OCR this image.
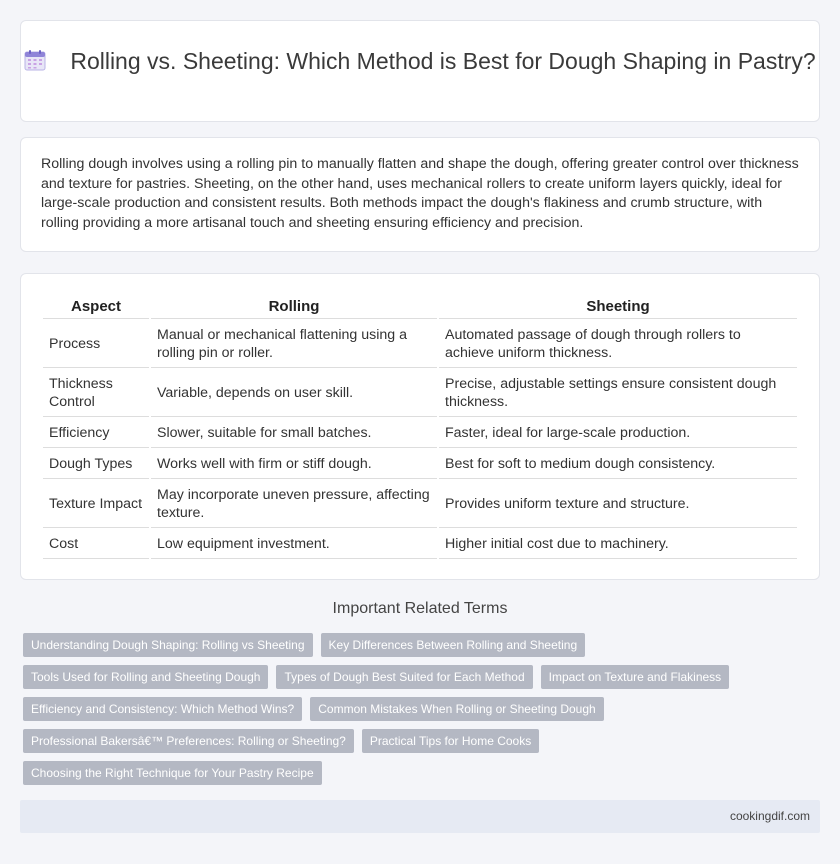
Rolling vs. Sheeting: Which Method is Best for Dough Shaping in Pastry?

Rolling dough involves using a rolling pin to manually flatten and shape the dough, offering greater control over thickness and texture for pastries. Sheeting, on the other hand, uses mechanical rollers to create uniform layers quickly, ideal for large-scale production and consistent results. Both methods impact the dough's flakiness and crumb structure, with rolling providing a more artisanal touch and sheeting ensuring efficiency and precision.

Aspect	Rolling	Sheeting
Process	Manual or mechanical flattening using a rolling pin or roller.	Automated passage of dough through rollers to achieve uniform thickness.
Thickness Control	Variable, depends on user skill.	Precise, adjustable settings ensure consistent dough thickness.
Efficiency	Slower, suitable for small batches.	Faster, ideal for large-scale production.
Dough Types	Works well with firm or stiff dough.	Best for soft to medium dough consistency.
Texture Impact	May incorporate uneven pressure, affecting texture.	Provides uniform texture and structure.
Cost	Low equipment investment.	Higher initial cost due to machinery.
Important Related Terms
Understanding Dough Shaping: Rolling vs Sheeting	Key Differences Between Rolling and Sheeting
Tools Used for Rolling and Sheeting Dough	Types of Dough Best Suited for Each Method	Impact on Texture and Flakiness
Efficiency and Consistency: Which Method Wins?	Common Mistakes When Rolling or Sheeting Dough
Professional Bakersâ€™ Preferences: Rolling or Sheeting?	Practical Tips for Home Cooks
Choosing the Right Technique for Your Pastry Recipe
cookingdif.com
